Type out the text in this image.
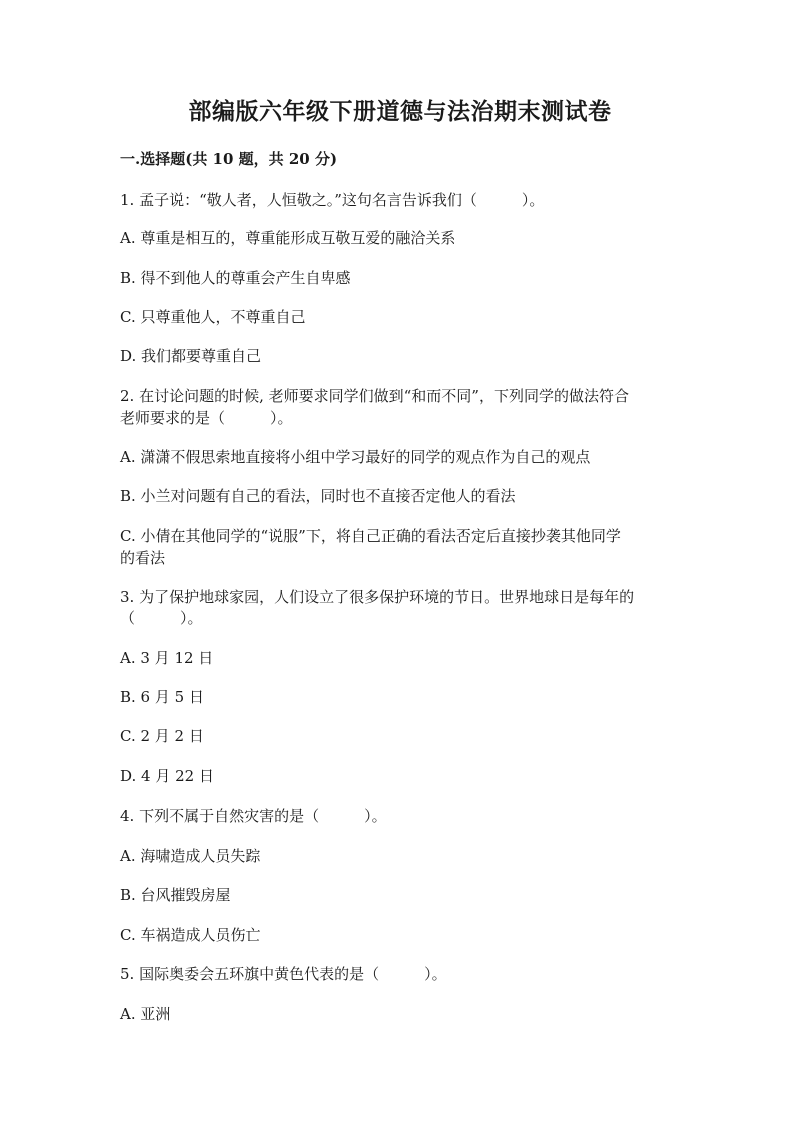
部编版六年级下册道德与法治期末测试卷
一.选择题(共 10 题，共 20 分)
1. 孟子说：“敬人者，人恒敬之。”这句名言告诉我们（　　　）。
A. 尊重是相互的，尊重能形成互敬互爱的融洽关系
B. 得不到他人的尊重会产生自卑感
C. 只尊重他人，不尊重自己
D. 我们都要尊重自己
2. 在讨论问题的时候, 老师要求同学们做到“和而不同”，下列同学的做法符合
老师要求的是（　　　）。
A. 潇潇不假思索地直接将小组中学习最好的同学的观点作为自己的观点
B. 小兰对问题有自己的看法，同时也不直接否定他人的看法
C. 小倩在其他同学的“说服”下，将自己正确的看法否定后直接抄袭其他同学
的看法
3. 为了保护地球家园，人们设立了很多保护环境的节日。世界地球日是每年的
（　　　）。
A. 3 月 12 日
B. 6 月 5 日
C. 2 月 2 日
D. 4 月 22 日
4. 下列不属于自然灾害的是（　　　）。
A. 海啸造成人员失踪
B. 台风摧毁房屋
C. 车祸造成人员伤亡
5. 国际奥委会五环旗中黄色代表的是（　　　）。
A. 亚洲
